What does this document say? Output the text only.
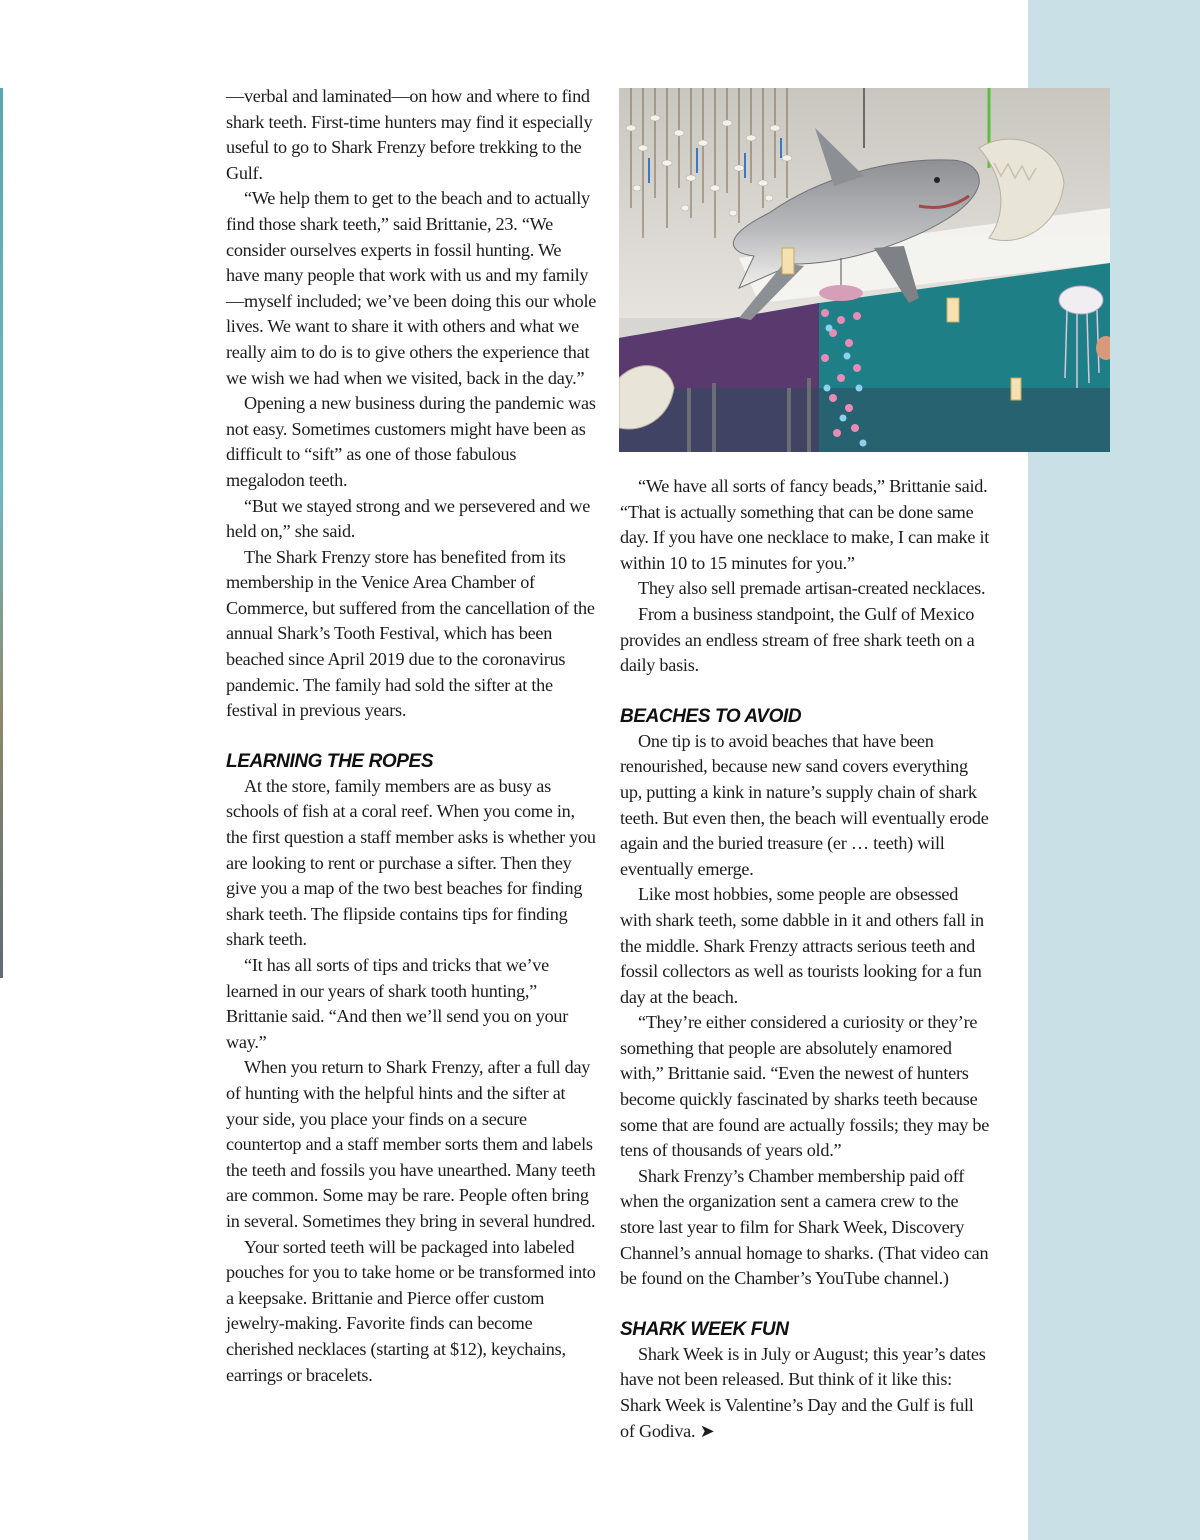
—verbal and laminated—on how and where to find shark teeth. First-time hunters may find it especially useful to go to Shark Frenzy before trekking to the Gulf.

“We help them to get to the beach and to actually find those shark teeth,” said Brittanie, 23. “We consider ourselves experts in fossil hunting. We have many people that work with us and my family—myself included; we’ve been doing this our whole lives. We want to share it with others and what we really aim to do is to give others the experience that we wish we had when we visited, back in the day.”

Opening a new business during the pandemic was not easy. Sometimes customers might have been as difficult to “sift” as one of those fabulous megalodon teeth.

“But we stayed strong and we persevered and we held on,” she said.

The Shark Frenzy store has benefited from its membership in the Venice Area Chamber of Commerce, but suffered from the cancellation of the annual Shark’s Tooth Festival, which has been beached since April 2019 due to the coronavirus pandemic. The family had sold the sifter at the festival in previous years.

LEARNING THE ROPES

At the store, family members are as busy as schools of fish at a coral reef. When you come in, the first question a staff member asks is whether you are looking to rent or purchase a sifter. Then they give you a map of the two best beaches for finding shark teeth. The flipside contains tips for finding shark teeth.

“It has all sorts of tips and tricks that we’ve learned in our years of shark tooth hunting,” Brittanie said. “And then we’ll send you on your way.”

When you return to Shark Frenzy, after a full day of hunting with the helpful hints and the sifter at your side, you place your finds on a secure countertop and a staff member sorts them and labels the teeth and fossils you have unearthed. Many teeth are common. Some may be rare. People often bring in several. Sometimes they bring in several hundred.

Your sorted teeth will be packaged into labeled pouches for you to take home or be transformed into a keepsake. Brittanie and Pierce offer custom jewelry-making. Favorite finds can become cherished necklaces (starting at $12), keychains, earrings or bracelets.

“We have all sorts of fancy beads,” Brittanie said. “That is actually something that can be done same day. If you have one necklace to make, I can make it within 10 to 15 minutes for you.”

They also sell premade artisan-created necklaces.

From a business standpoint, the Gulf of Mexico provides an endless stream of free shark teeth on a daily basis.

BEACHES TO AVOID

One tip is to avoid beaches that have been renourished, because new sand covers everything up, putting a kink in nature’s supply chain of shark teeth. But even then, the beach will eventually erode again and the buried treasure (er … teeth) will eventually emerge.

Like most hobbies, some people are obsessed with shark teeth, some dabble in it and others fall in the middle. Shark Frenzy attracts serious teeth and fossil collectors as well as tourists looking for a fun day at the beach.

“They’re either considered a curiosity or they’re something that people are absolutely enamored with,” Brittanie said. “Even the newest of hunters become quickly fascinated by sharks teeth because some that are found are actually fossils; they may be tens of thousands of years old.”

Shark Frenzy’s Chamber membership paid off when the organization sent a camera crew to the store last year to film for Shark Week, Discovery Channel’s annual homage to sharks. (That video can be found on the Chamber’s YouTube channel.)

SHARK WEEK FUN

Shark Week is in July or August; this year’s dates have not been released. But think of it like this: Shark Week is Valentine’s Day and the Gulf is full of Godiva. ➤
